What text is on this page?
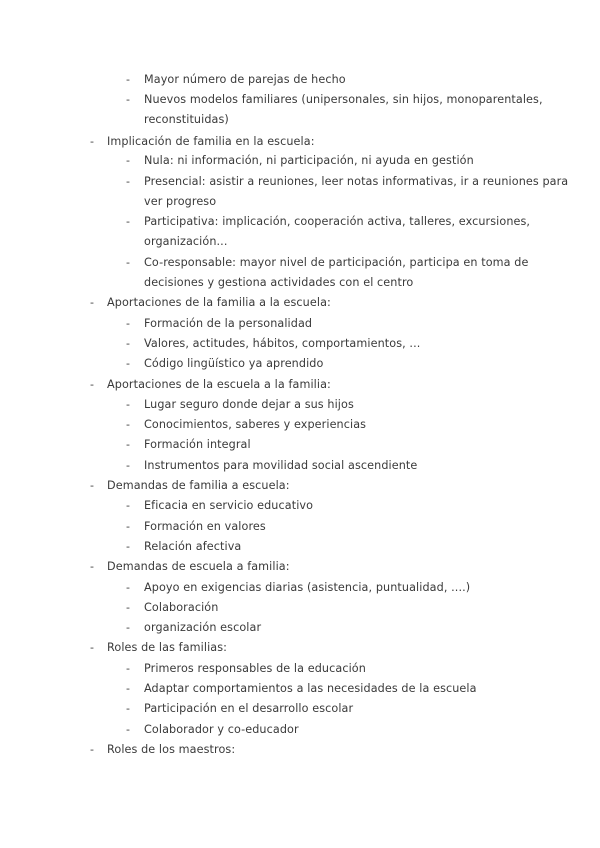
- Mayor número de parejas de hecho
- Nuevos modelos familiares (unipersonales, sin hijos, monoparentales,
reconstituidas)
- Implicación de familia en la escuela:
- Nula: ni información, ni participación, ni ayuda en gestión
- Presencial: asistir a reuniones, leer notas informativas, ir a reuniones para
ver progreso
- Participativa: implicación, cooperación activa, talleres, excursiones,
organización...
- Co-responsable: mayor nivel de participación, participa en toma de
decisiones y gestiona actividades con el centro
- Aportaciones de la familia a la escuela:
- Formación de la personalidad
- Valores, actitudes, hábitos, comportamientos, ...
- Código lingüístico ya aprendido
- Aportaciones de la escuela a la familia:
- Lugar seguro donde dejar a sus hijos
- Conocimientos, saberes y experiencias
- Formación integral
- Instrumentos para movilidad social ascendiente
- Demandas de familia a escuela:
- Eficacia en servicio educativo
- Formación en valores
- Relación afectiva
- Demandas de escuela a familia:
- Apoyo en exigencias diarias (asistencia, puntualidad, ....)
- Colaboración
- organización escolar
- Roles de las familias:
- Primeros responsables de la educación
- Adaptar comportamientos a las necesidades de la escuela
- Participación en el desarrollo escolar
- Colaborador y co-educador
- Roles de los maestros:
